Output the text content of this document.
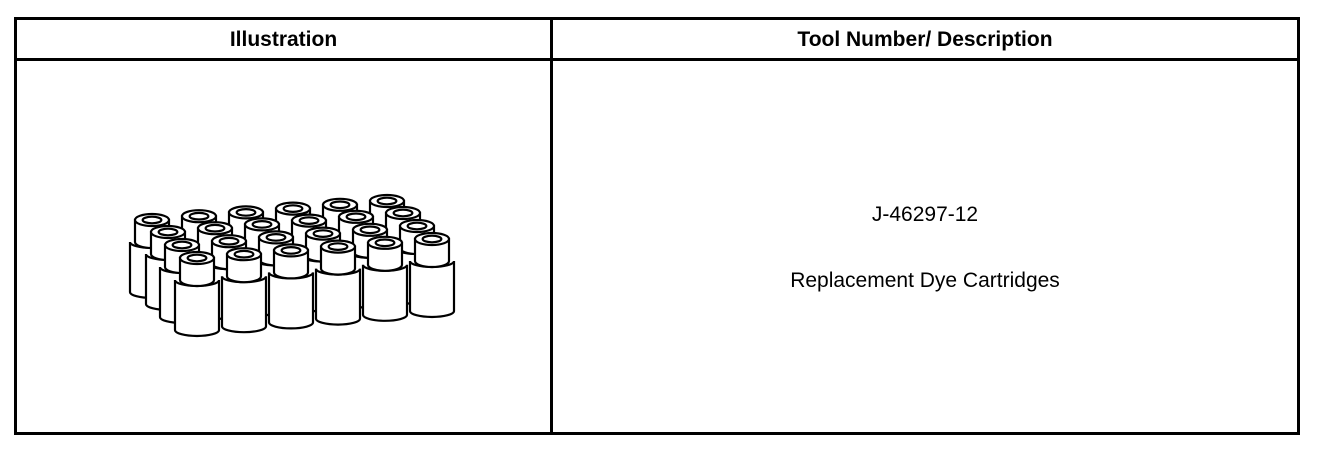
Illustration	Tool Number/ Description
J-46297-12
Replacement Dye Cartridges
